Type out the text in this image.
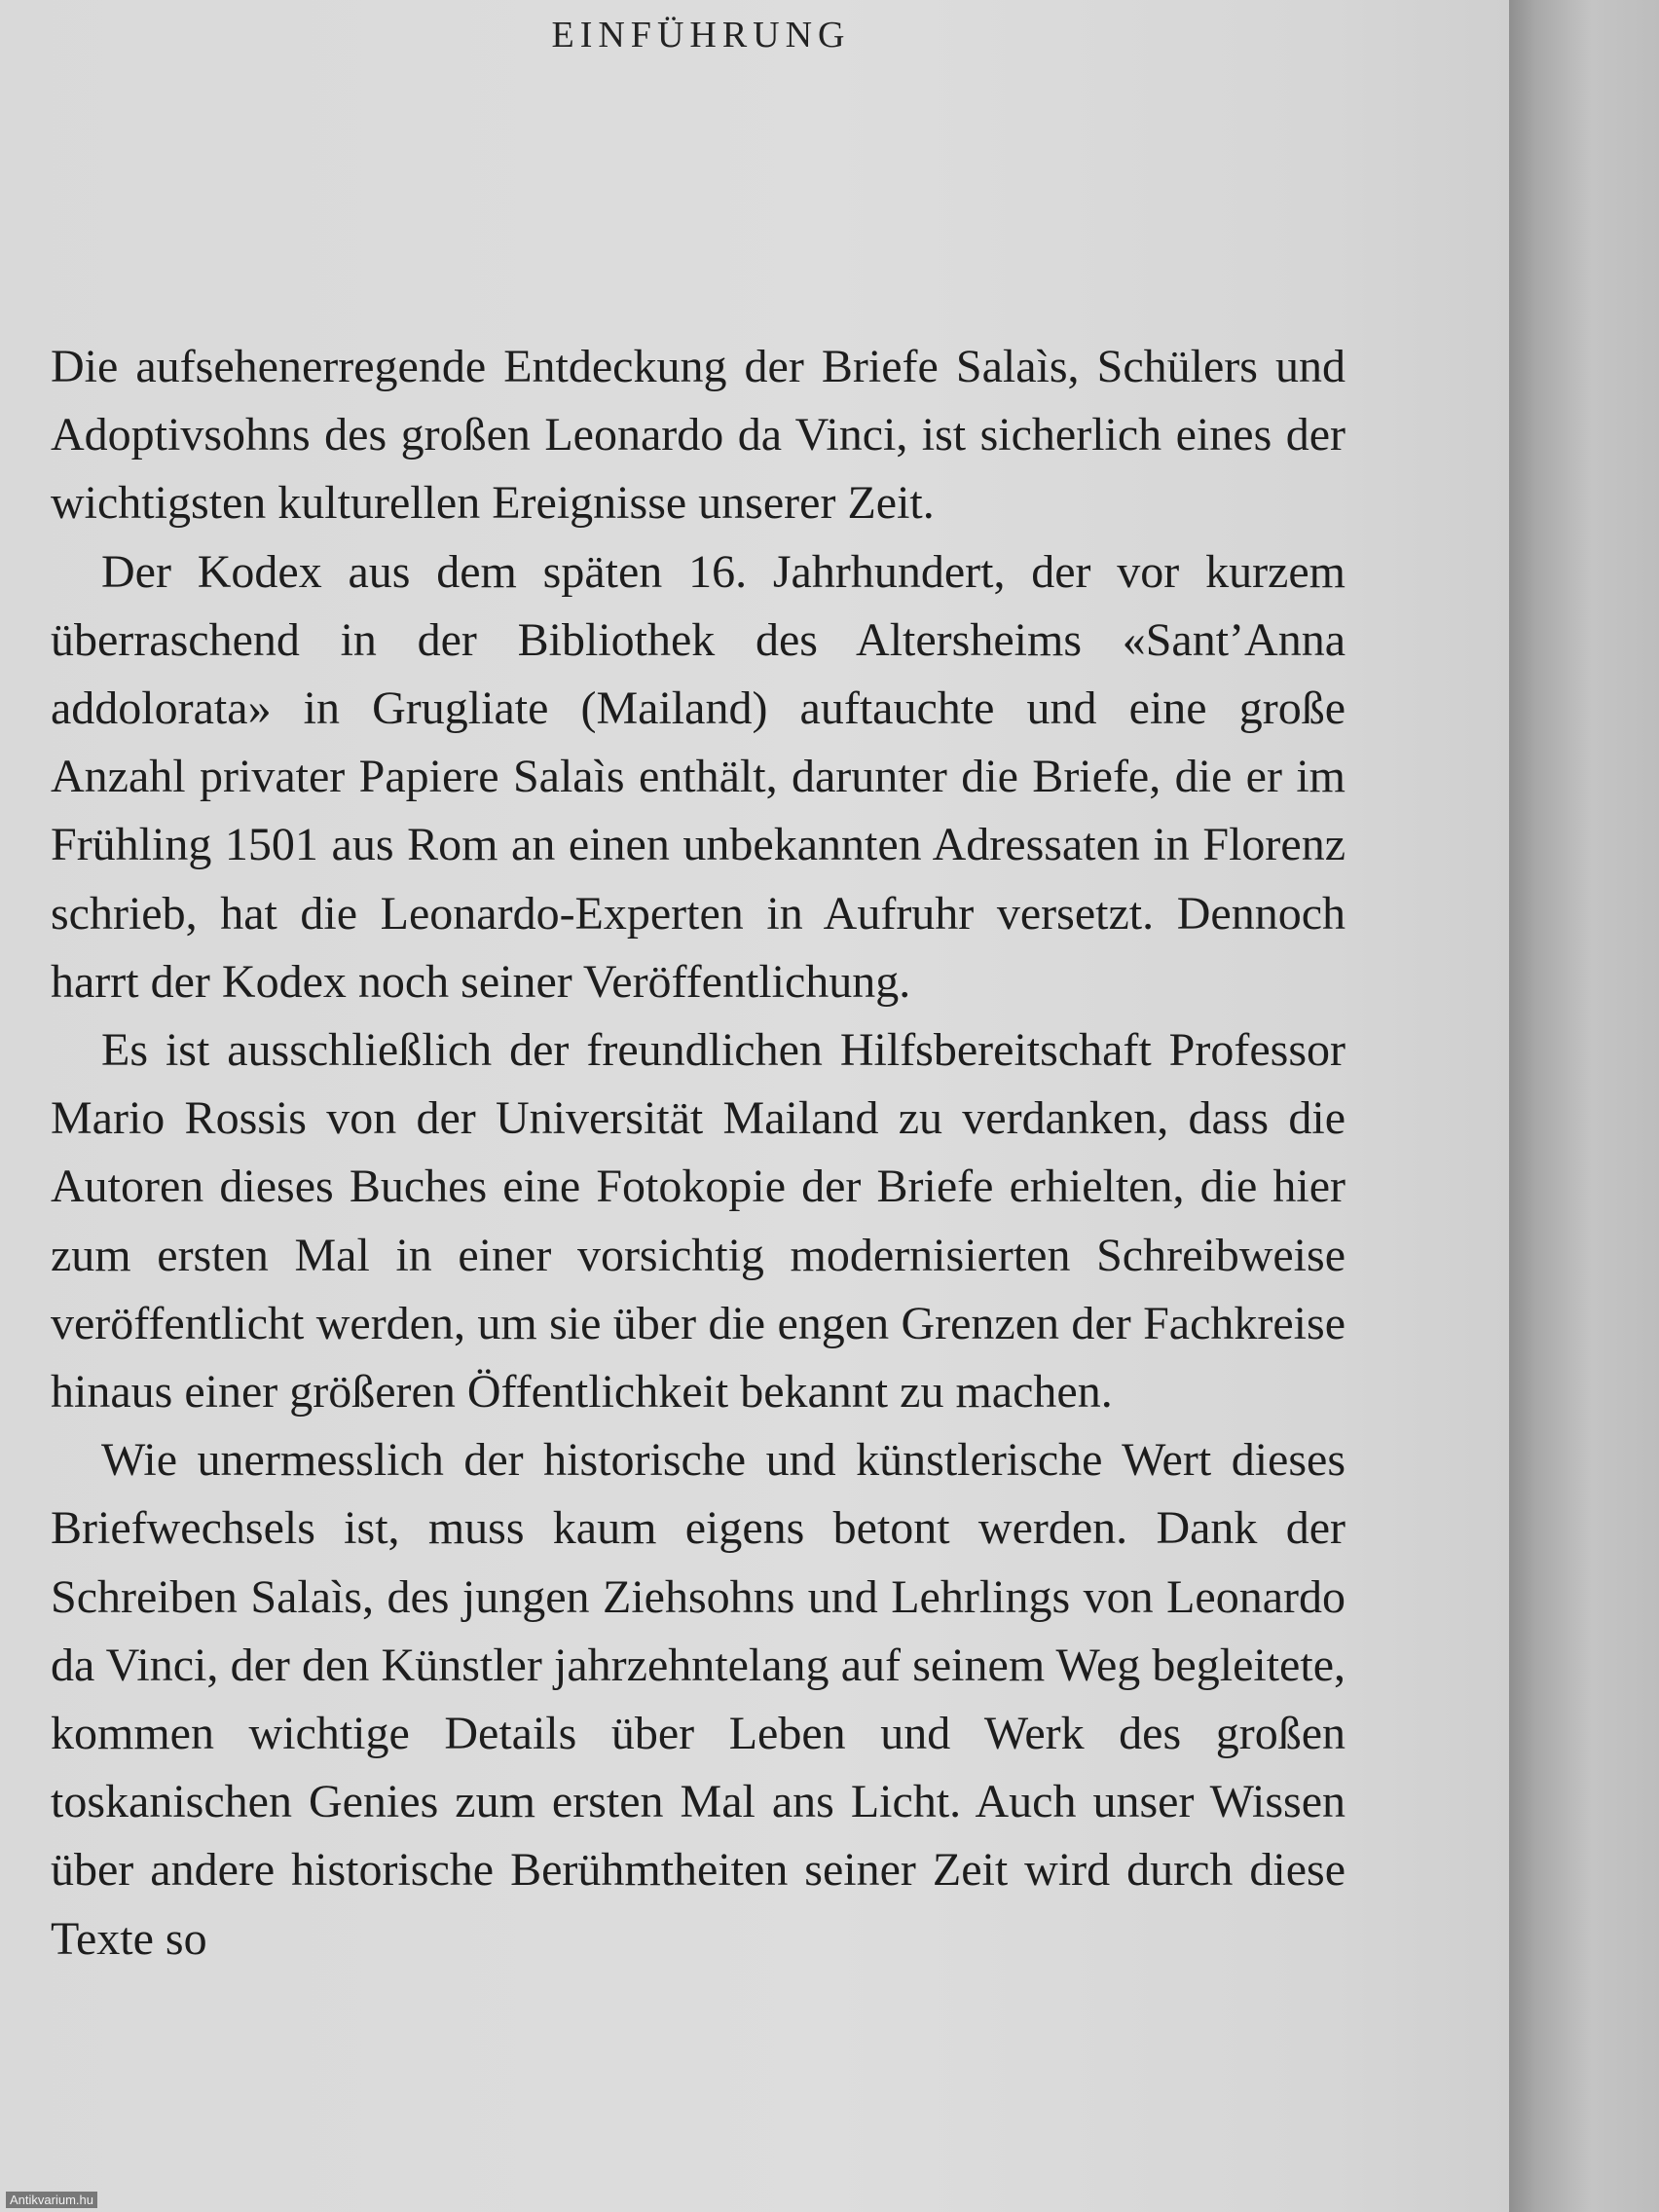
EINFÜHRUNG

Die aufsehenerregende Entdeckung der Briefe Salaìs, Schülers und Adoptivsohns des großen Leonardo da Vinci, ist sicherlich eines der wichtigsten kulturellen Ereignisse unserer Zeit.

Der Kodex aus dem späten 16. Jahrhundert, der vor kurzem überraschend in der Bibliothek des Altersheims «Sant’Anna addolorata» in Grugliate (Mailand) auftauchte und eine große Anzahl privater Papiere Salaìs enthält, darunter die Briefe, die er im Frühling 1501 aus Rom an einen unbekannten Adressaten in Florenz schrieb, hat die Leonardo-Experten in Aufruhr versetzt. Dennoch harrt der Kodex noch seiner Veröffentlichung.

Es ist ausschließlich der freundlichen Hilfsbereitschaft Professor Mario Rossis von der Universität Mailand zu verdanken, dass die Autoren dieses Buches eine Fotokopie der Briefe erhielten, die hier zum ersten Mal in einer vorsichtig modernisierten Schreibweise veröffentlicht werden, um sie über die engen Grenzen der Fachkreise hinaus einer größeren Öffentlichkeit bekannt zu machen.

Wie unermesslich der historische und künstlerische Wert dieses Briefwechsels ist, muss kaum eigens betont werden. Dank der Schreiben Salaìs, des jungen Ziehsohns und Lehrlings von Leonardo da Vinci, der den Künstler jahrzehntelang auf seinem Weg begleitete, kommen wichtige Details über Leben und Werk des großen toskanischen Genies zum ersten Mal ans Licht. Auch unser Wissen über andere historische Berühmtheiten seiner Zeit wird durch diese Texte so

Antikvarium.hu
